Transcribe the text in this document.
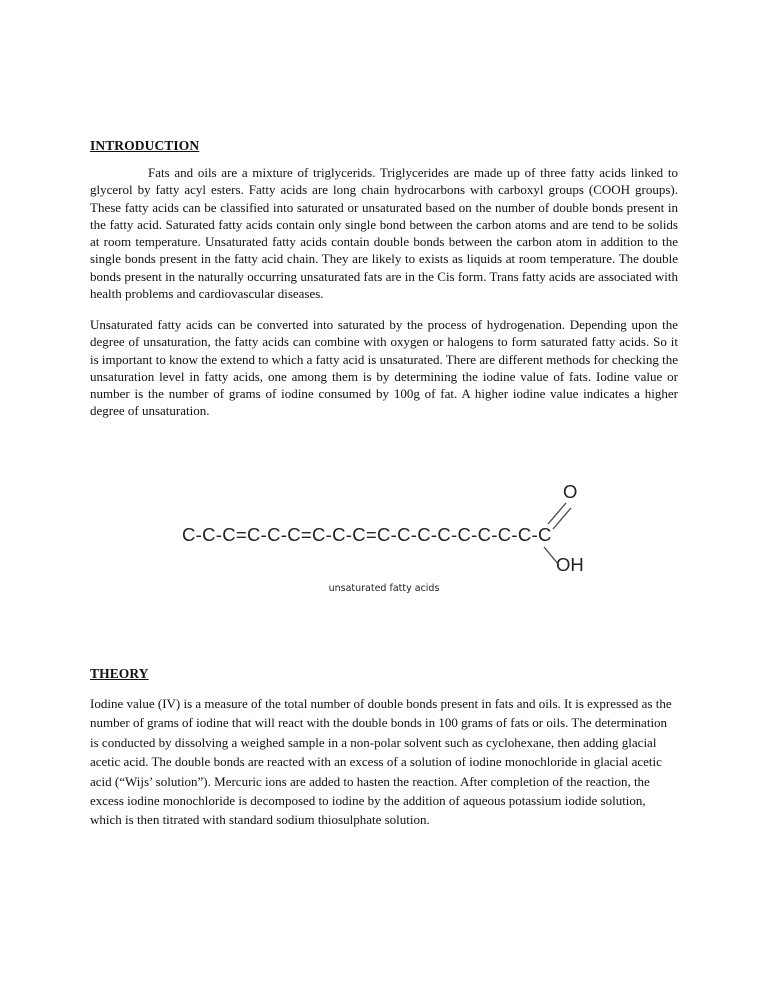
INTRODUCTION

Fats and oils are a mixture of triglycerids. Triglycerides are made up of three fatty acids linked to glycerol by fatty acyl esters. Fatty acids are long chain hydrocarbons with carboxyl groups (COOH groups). These fatty acids can be classified into saturated or unsaturated based on the number of double bonds present in the fatty acid. Saturated fatty acids contain only single bond between the carbon atoms and are tend to be solids at room temperature. Unsaturated fatty acids contain double bonds between the carbon atom in addition to the single bonds present in the fatty acid chain. They are likely to exists as liquids at room temperature. The double bonds present in the naturally occurring unsaturated fats are in the Cis form. Trans fatty acids are associated with health problems and cardiovascular diseases.

Unsaturated fatty acids can be converted into saturated by the process of hydrogenation. Depending upon the degree of unsaturation, the fatty acids can combine with oxygen or halogens to form saturated fatty acids. So it is important to know the extend to which a fatty acid is unsaturated. There are different methods for checking the unsaturation level in fatty acids, one among them is by determining the iodine value of fats. Iodine value or number is the number of grams of iodine consumed by 100g of fat. A higher iodine value indicates a higher degree of unsaturation.

O
C-C-C=C-C-C=C-C-C=C-C-C-C-C-C-C-C-C
OH
unsaturated fatty acids
THEORY

Iodine value (IV) is a measure of the total number of double bonds present in fats and oils. It is expressed as the number of grams of iodine that will react with the double bonds in 100 grams of fats or oils. The determination is conducted by dissolving a weighed sample in a non-polar solvent such as cyclohexane, then adding glacial acetic acid. The double bonds are reacted with an excess of a solution of iodine monochloride in glacial acetic acid (“Wijs’ solution”). Mercuric ions are added to hasten the reaction. After completion of the reaction, the excess iodine monochloride is decomposed to iodine by the addition of aqueous potassium iodide solution, which is then titrated with standard sodium thiosulphate solution.
